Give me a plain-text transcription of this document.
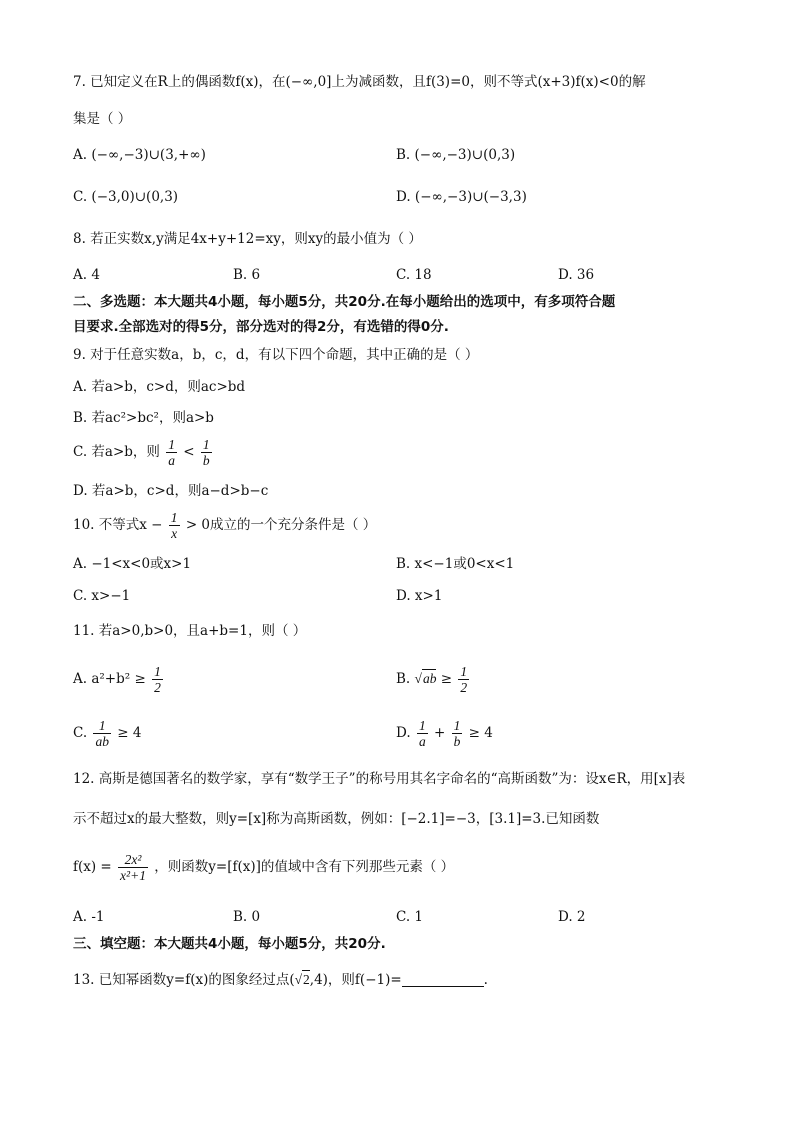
7. 已知定义在R上的偶函数f(x)，在(−∞,0]上为减函数，且f(3)=0，则不等式(x+3)f(x)<0的解
集是（ ）
A. (−∞,−3)∪(3,+∞)	B. (−∞,−3)∪(0,3)
C. (−3,0)∪(0,3)	D. (−∞,−3)∪(−3,3)
8. 若正实数x,y满足4x+y+12=xy，则xy的最小值为（ ）
A. 4	B. 6	C. 18	D. 36
二、多选题：本大题共4小题，每小题5分，共20分.在每小题给出的选项中，有多项符合题
目要求.全部选对的得5分，部分选对的得2分，有选错的得0分.
9. 对于任意实数a，b，c，d，有以下四个命题，其中正确的是（ ）
A. 若a>b，c>d，则ac>bd
B. 若ac²>bc²，则a>b
C. 若a>b，则 $\frac{1}{a} < \frac{1}{b}$
D. 若a>b，c>d，则a−d>b−c
10. 不等式$x - \frac{1}{x} > 0$成立的一个充分条件是（ ）
A. −1<x<0或x>1	B. x<−1或0<x<1
C. x>−1	D. x>1
11. 若a>0,b>0，且a+b=1，则（ ）
A. $a^2+b^2 \ge \frac{1}{2}$	B. $√ab \ge \frac{1}{2}$
C. $\frac{1}{ab} \ge 4$	D. $\frac{1}{a} + \frac{1}{b} \ge 4$
12. 高斯是德国著名的数学家，享有“数学王子”的称号用其名字命名的“高斯函数”为：设x∈R，用[x]表
示不超过x的最大整数，则y=[x]称为高斯函数，例如：[−2.1]=−3，[3.1]=3.已知函数
$f(x) = \frac{\text{2x²}}{\text{x²+1}}$ ，则函数y=[f(x)]的值域中含有下列那些元素（ ）
A. -1	B. 0	C. 1	D. 2
三、填空题：本大题共4小题，每小题5分，共20分.
13. 已知幂函数y=f(x)的图象经过点(√2,4)，则f(−1)=	.
